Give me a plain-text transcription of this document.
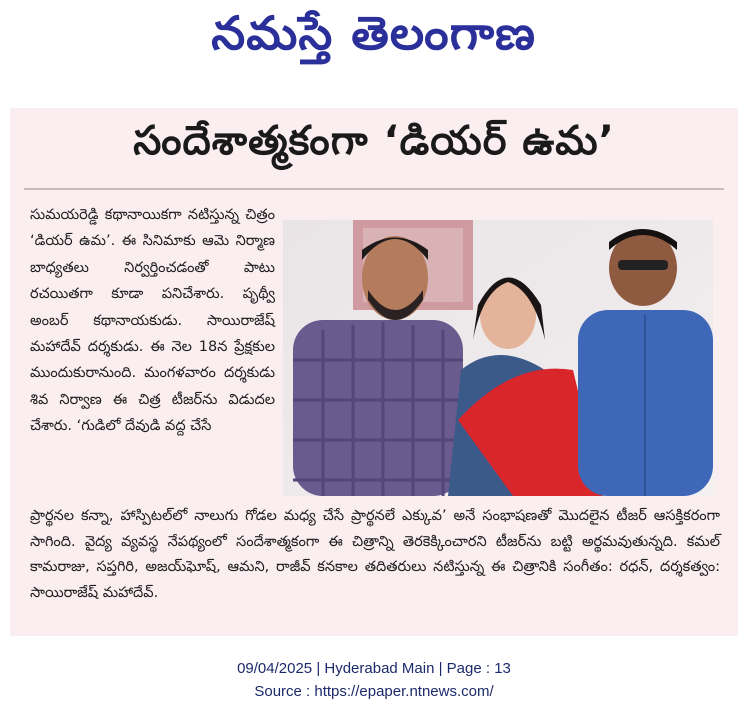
నమస్తే తెలంగాణ
సందేశాత్మకంగా ‘డియర్ ఉమ’

సుమయరెడ్డి కథానాయికగా నటిస్తున్న చిత్రం ‘డియర్ ఉమ’. ఈ సినిమాకు ఆమె నిర్మాణ బాధ్యతలు నిర్వర్తించడంతో పాటు రచయితగా కూడా పనిచేశారు. పృథ్వీ అంబర్ కథానాయకుడు. సాయిరాజేష్ మహాదేవ్ దర్శకుడు. ఈ నెల 18న ప్రేక్షకుల ముందుకురానుంది. మంగళవారం దర్శకుడు శివ నిర్వాణ ఈ చిత్ర టీజర్‌ను విడుదల చేశారు. ‘గుడిలో దేవుడి వద్ద చేసే

ప్రార్థనల కన్నా, హాస్పిటల్‌లో నాలుగు గోడల మధ్య చేసే ప్రార్థనలే ఎక్కువ’ అనే సంభాషణతో మొదలైన టీజర్ ఆసక్తికరంగా సాగింది. వైద్య వ్యవస్థ నేపథ్యంలో సందేశాత్మకంగా ఈ చిత్రాన్ని తెరకెక్కించారని టీజర్‌ను బట్టి అర్థమవుతున్నది. కమల్ కామరాజు, సప్తగిరి, అజయ్‌ఘోష్, ఆమని, రాజీవ్ కనకాల తదితరులు నటిస్తున్న ఈ చిత్రానికి సంగీతం: రధన్, దర్శకత్వం: సాయిరాజేష్ మహాదేవ్.
09/04/2025 | Hyderabad Main | Page : 13
Source : https://epaper.ntnews.com/
